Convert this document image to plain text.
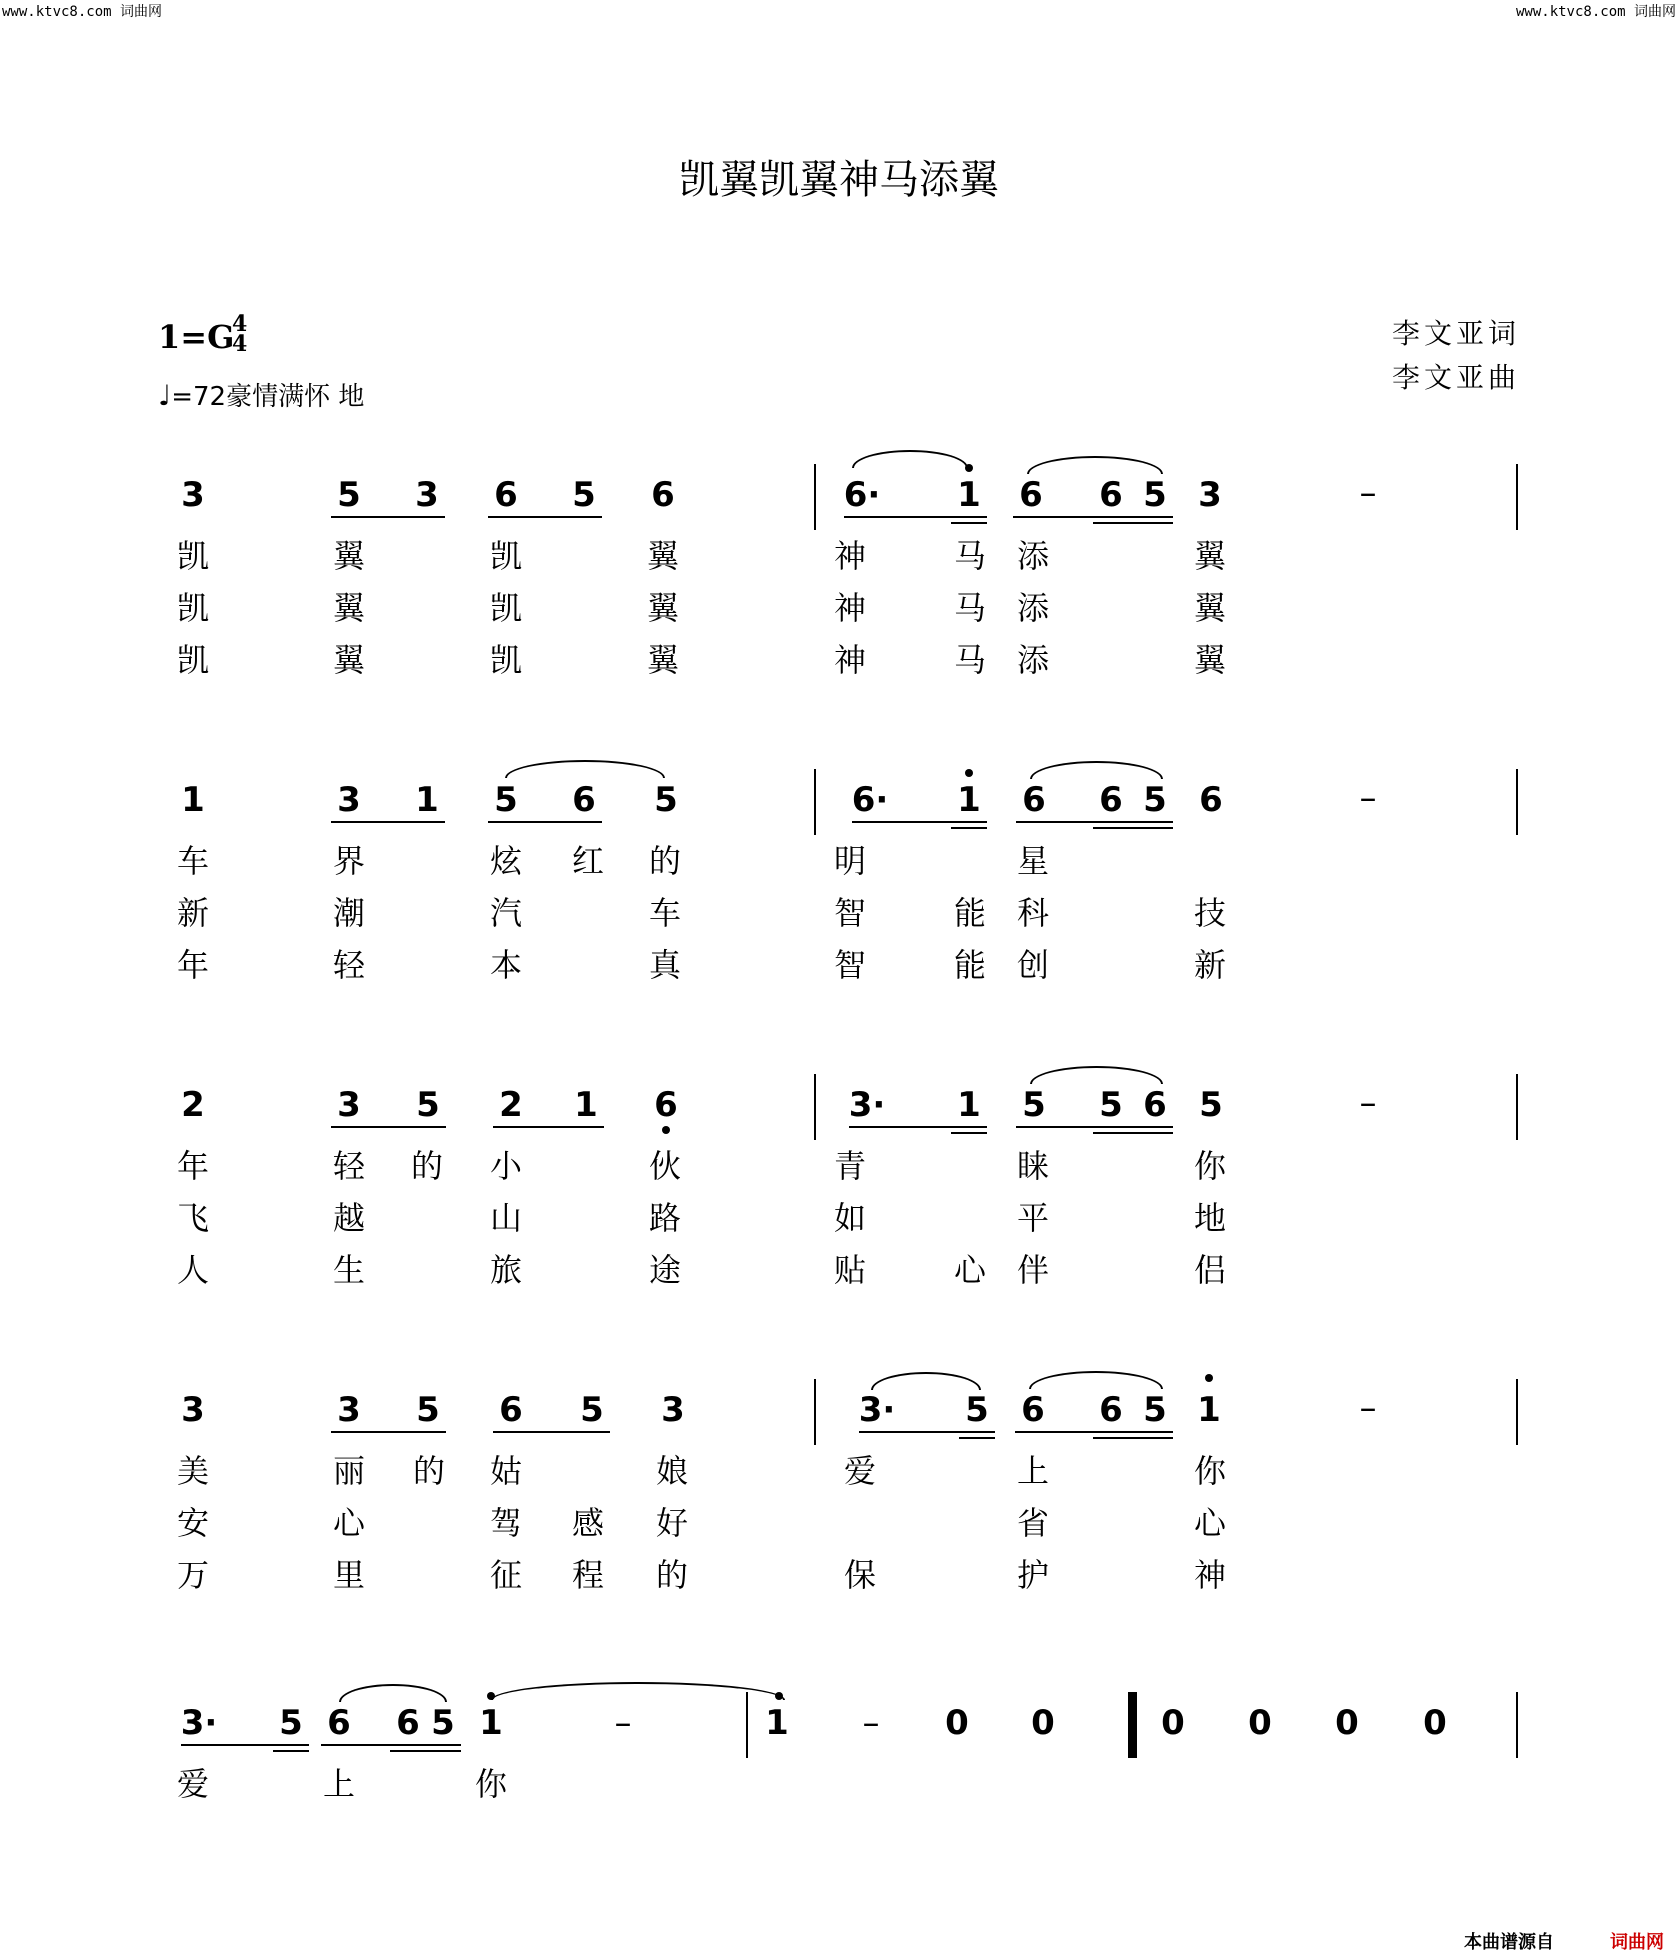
www.ktvc8.com 词曲网	www.ktvc8.com 词曲网
凯翼凯翼神马添翼
1=G
4
4
♩=72豪情满怀 地
李文亚词
李文亚曲
3	5 3 6 5 6	6· 1 6 6 5 3	–
凯	翼	凯	翼	神	马 添	翼
凯	翼	凯	翼	神	马 添	翼
凯	翼	凯	翼	神	马 添	翼
1	3 1 5 6 5	6· 1 6 6 5 6	–
车	界	炫 红 的	明	星
新	潮	汽	车	智	能 科	技
年	轻	本	真	智	能 创	新
2	3 5 2 1 6	3· 1 5 5 6 5	–
年	轻 的 小	伙	青	睐	你
飞	越	山	路	如	平	地
人	生	旅	途	贴	心 伴	侣
3	3 5 6 5 3	3· 5 6 6 5 1	–
美	丽 的 姑	娘	爱	上	你
安	心	驾 感 好	省	心
万	里	征 程 的	保	护	神
3· 5 6 6 5 1	–	1 – 0 0	0 0 0 0
爱	上	你
本曲谱源自	词曲网
